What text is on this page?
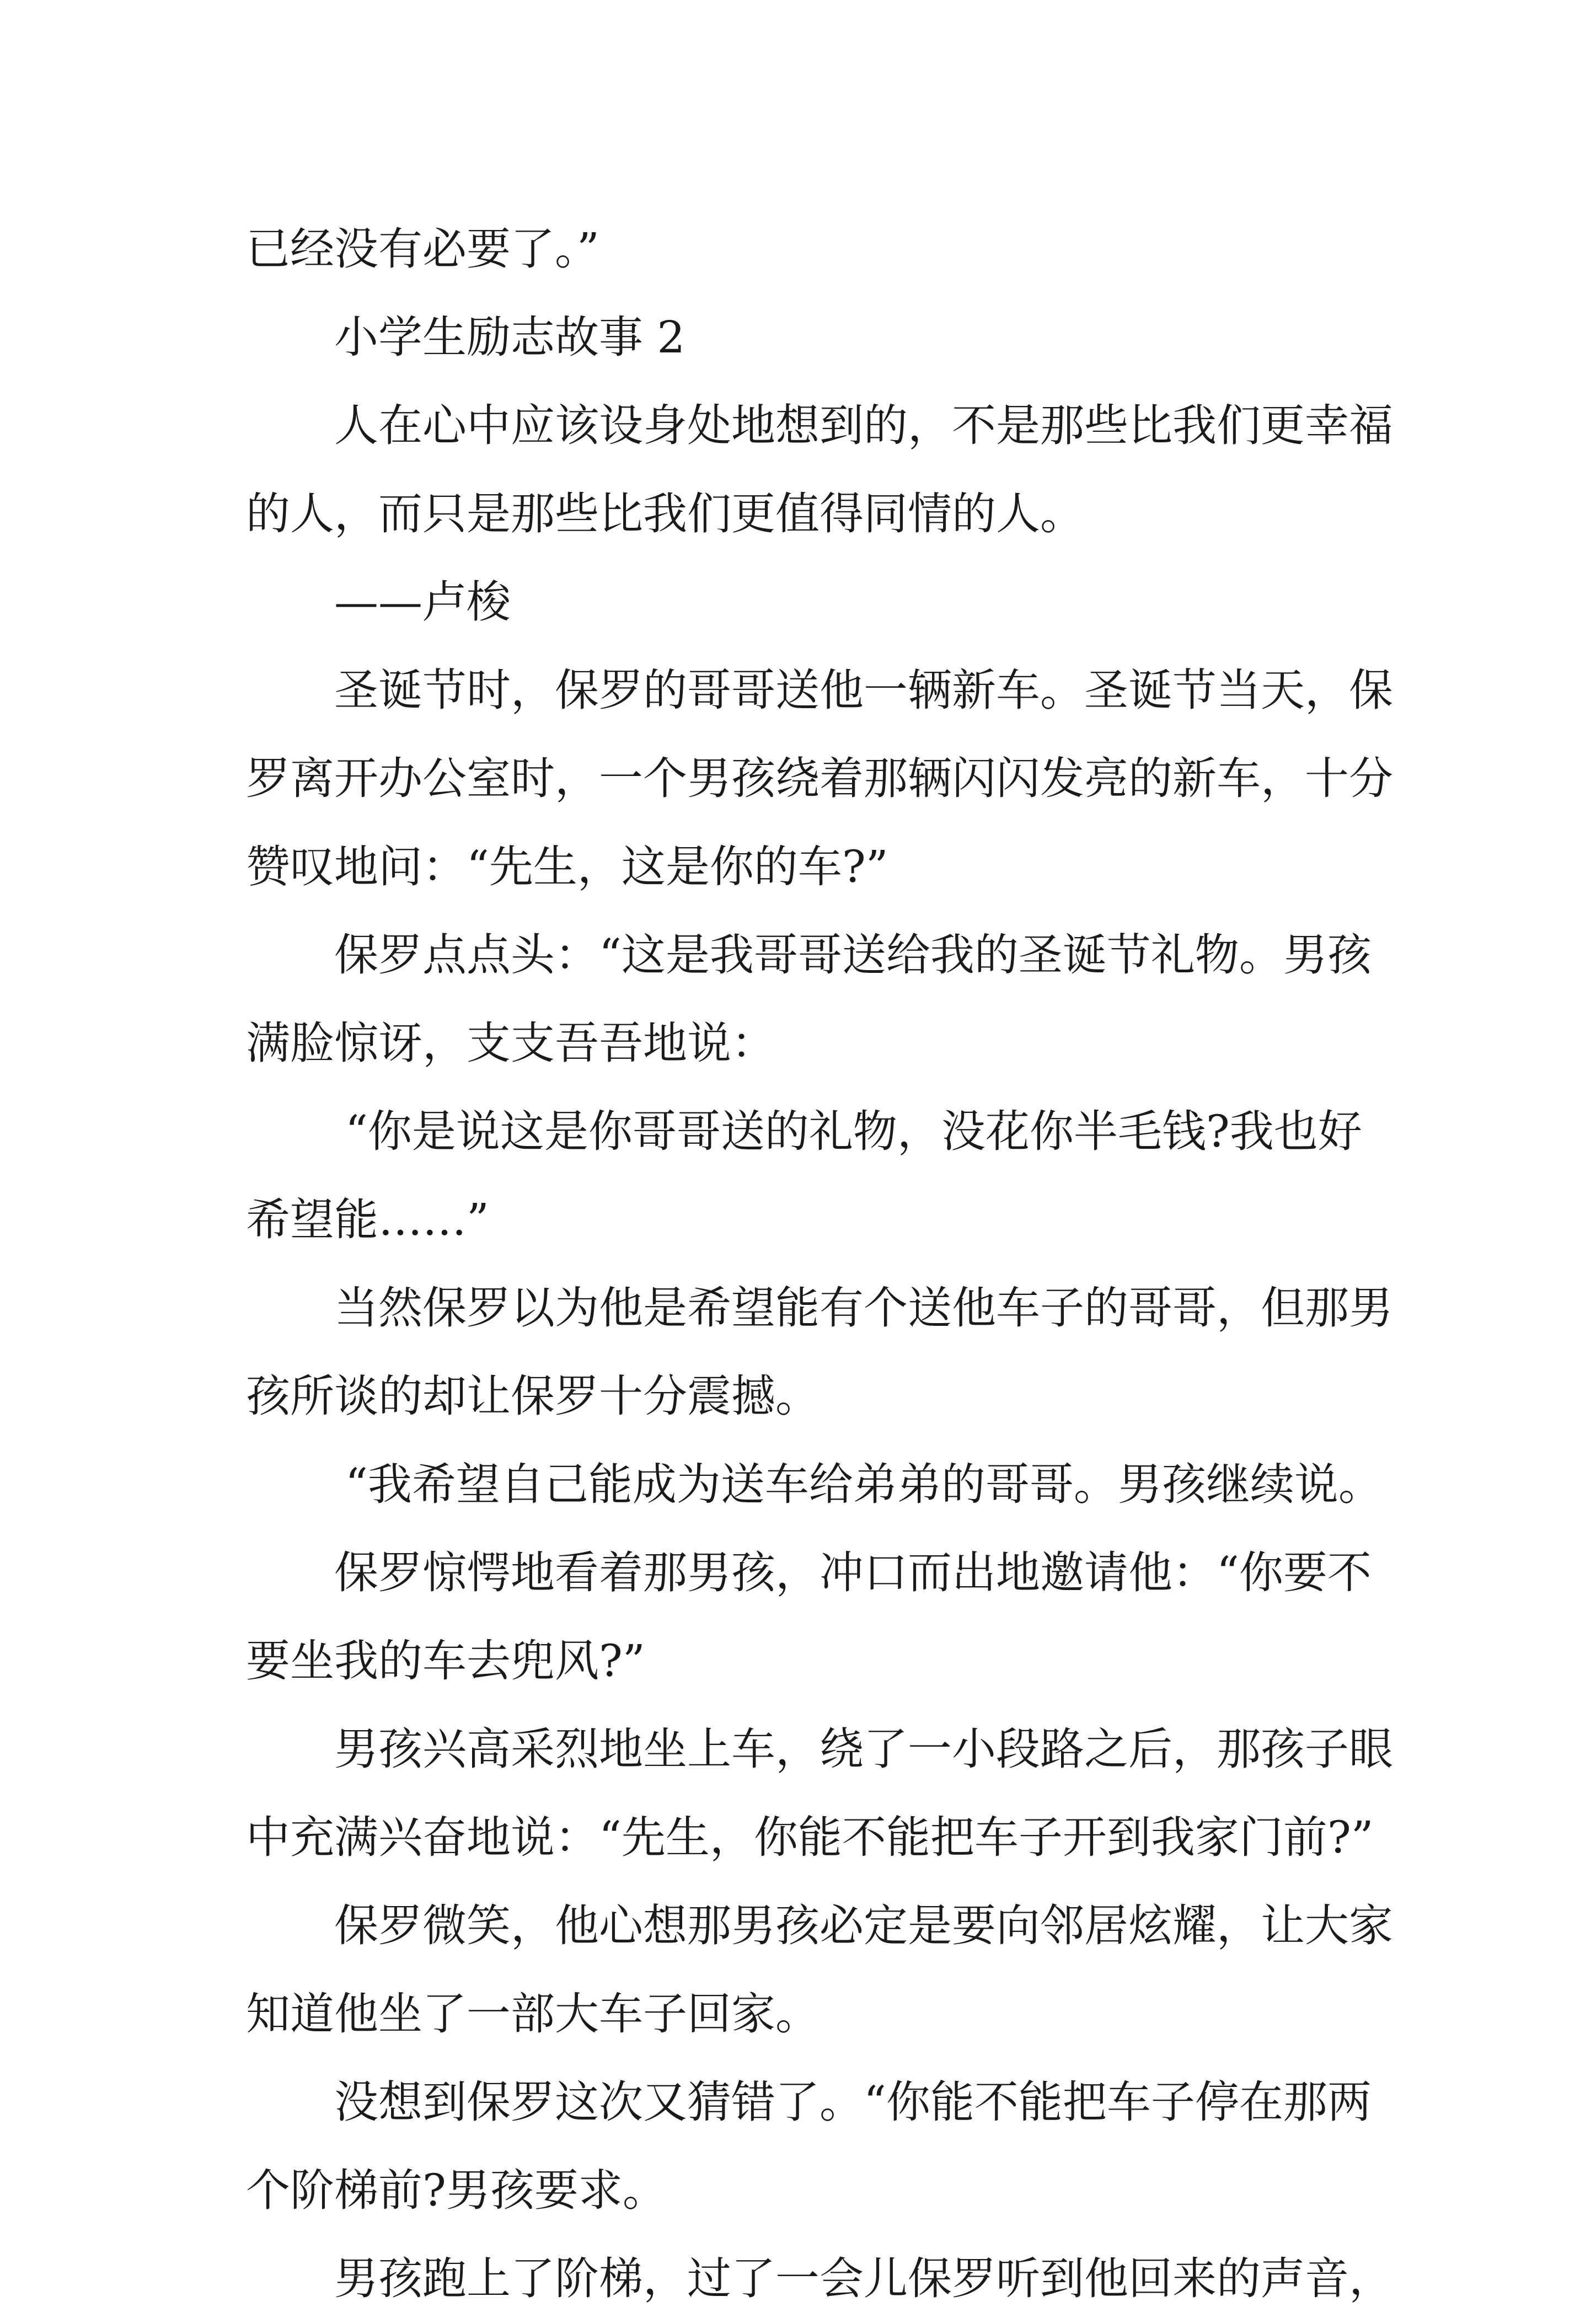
已经没有必要了。”
小学生励志故事 2
人在心中应该设身处地想到的，不是那些比我们更幸福
的人，而只是那些比我们更值得同情的人。
——卢梭
圣诞节时，保罗的哥哥送他一辆新车。圣诞节当天，保
罗离开办公室时，一个男孩绕着那辆闪闪发亮的新车，十分
赞叹地问：“先生，这是你的车?”
保罗点点头：“这是我哥哥送给我的圣诞节礼物。男孩
满脸惊讶，支支吾吾地说：
“你是说这是你哥哥送的礼物，没花你半毛钱?我也好
希望能……”
当然保罗以为他是希望能有个送他车子的哥哥，但那男
孩所谈的却让保罗十分震撼。
“我希望自己能成为送车给弟弟的哥哥。男孩继续说。
保罗惊愕地看着那男孩，冲口而出地邀请他：“你要不
要坐我的车去兜风?”
男孩兴高采烈地坐上车，绕了一小段路之后，那孩子眼
中充满兴奋地说：“先生，你能不能把车子开到我家门前?”
保罗微笑，他心想那男孩必定是要向邻居炫耀，让大家
知道他坐了一部大车子回家。
没想到保罗这次又猜错了。“你能不能把车子停在那两
个阶梯前?男孩要求。
男孩跑上了阶梯，过了一会儿保罗听到他回来的声音，
